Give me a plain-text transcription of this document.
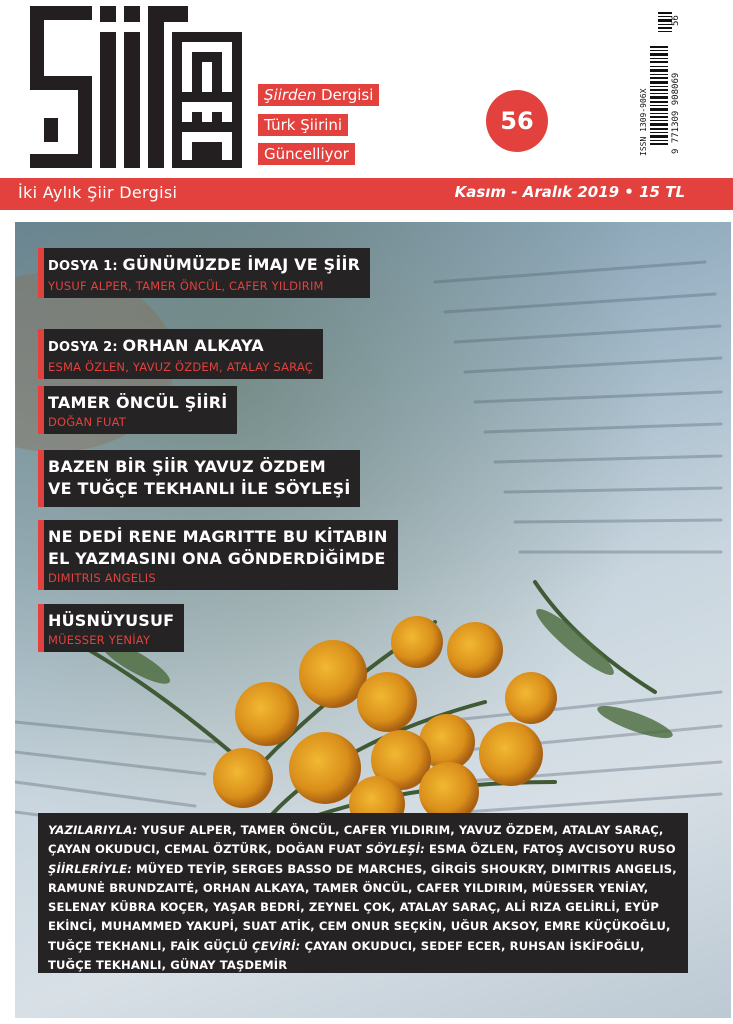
Şiirden Dergisi
Türk Şiirini
Güncelliyor
56	ISSN 1309-906X	9 771309 908069
56
İki Aylık Şiir Dergisi	Kasım - Aralık 2019 • 15 TL
DOSYA 1: GÜNÜMÜZDE İMAJ VE ŞİİR
YUSUF ALPER, TAMER ÖNCÜL, CAFER YILDIRIM
DOSYA 2: ORHAN ALKAYA
ESMA ÖZLEN, YAVUZ ÖZDEM, ATALAY SARAÇ
TAMER ÖNCÜL ŞİİRİ
DOĞAN FUAT
BAZEN BİR ŞİİR YAVUZ ÖZDEM
VE TUĞÇE TEKHANLI İLE SÖYLEŞİ
NE DEDİ RENE MAGRITTE BU KİTABIN
EL YAZMASINI ONA GÖNDERDİĞİMDE
DIMITRIS ANGELIS
HÜSNÜYUSUF
MÜESSER YENİAY
YAZILARIYLA: YUSUF ALPER, TAMER ÖNCÜL, CAFER YILDIRIM, YAVUZ ÖZDEM, ATALAY SARAÇ, ÇAYAN OKUDUCI, CEMAL ÖZTÜRK, DOĞAN FUAT SÖYLEŞİ: ESMA ÖZLEN, FATOŞ AVCISOYU RUSO ŞİİRLERİYLE: MÜYED TEYİP, SERGES BASSO DE MARCHES, GİRGİS SHOUKRY, DIMITRIS ANGELIS, RAMUNĖ BRUNDZAITĖ, ORHAN ALKAYA, TAMER ÖNCÜL, CAFER YILDIRIM, MÜESSER YENİAY, SELENAY KÜBRA KOÇER, YAŞAR BEDRİ, ZEYNEL ÇOK, ATALAY SARAÇ, ALİ RIZA GELİRLİ, EYÜP EKİNCİ, MUHAMMED YAKUPİ, SUAT ATİK, CEM ONUR SEÇKİN, UĞUR AKSOY, EMRE KÜÇÜKOĞLU, TUĞÇE TEKHANLI, FAİK GÜÇLÜ ÇEVİRİ: ÇAYAN OKUDUCI, SEDEF ECER, RUHSAN İSKİFOĞLU, TUĞÇE TEKHANLI, GÜNAY TAŞDEMİR
